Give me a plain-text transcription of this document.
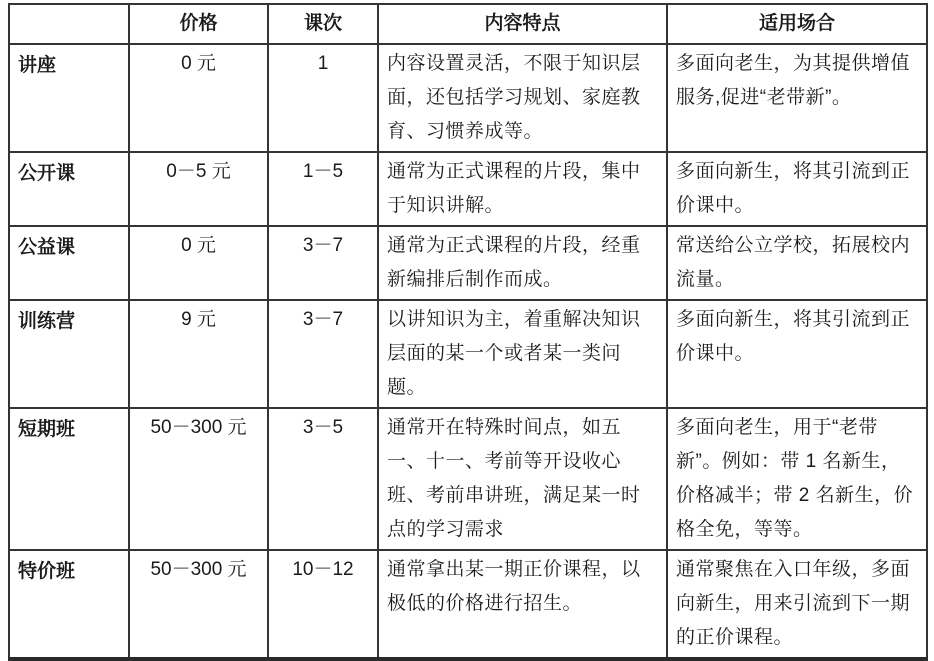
	价格	课次	内容特点	适用场合
讲座	0 元	1	内容设置灵活，不限于知识层面，还包括学习规划、家庭教育、习惯养成等。	多面向老生，为其提供增值服务,促进“老带新”。
公开课	0－5 元	1－5	通常为正式课程的片段，集中于知识讲解。	多面向新生，将其引流到正价课中。
公益课	0 元	3－7	通常为正式课程的片段，经重新编排后制作而成。	常送给公立学校，拓展校内流量。
训练营	9 元	3－7	以讲知识为主，着重解决知识层面的某一个或者某一类问题。	多面向新生，将其引流到正价课中。
短期班	50－300 元	3－5	通常开在特殊时间点，如五一、十一、考前等开设收心班、考前串讲班，满足某一时点的学习需求	多面向老生，用于“老带新”。例如：带 1 名新生，价格减半；带 2 名新生，价格全免，等等。
特价班	50－300 元	10－12	通常拿出某一期正价课程，以极低的价格进行招生。	通常聚焦在入口年级，多面向新生，用来引流到下一期的正价课程。
